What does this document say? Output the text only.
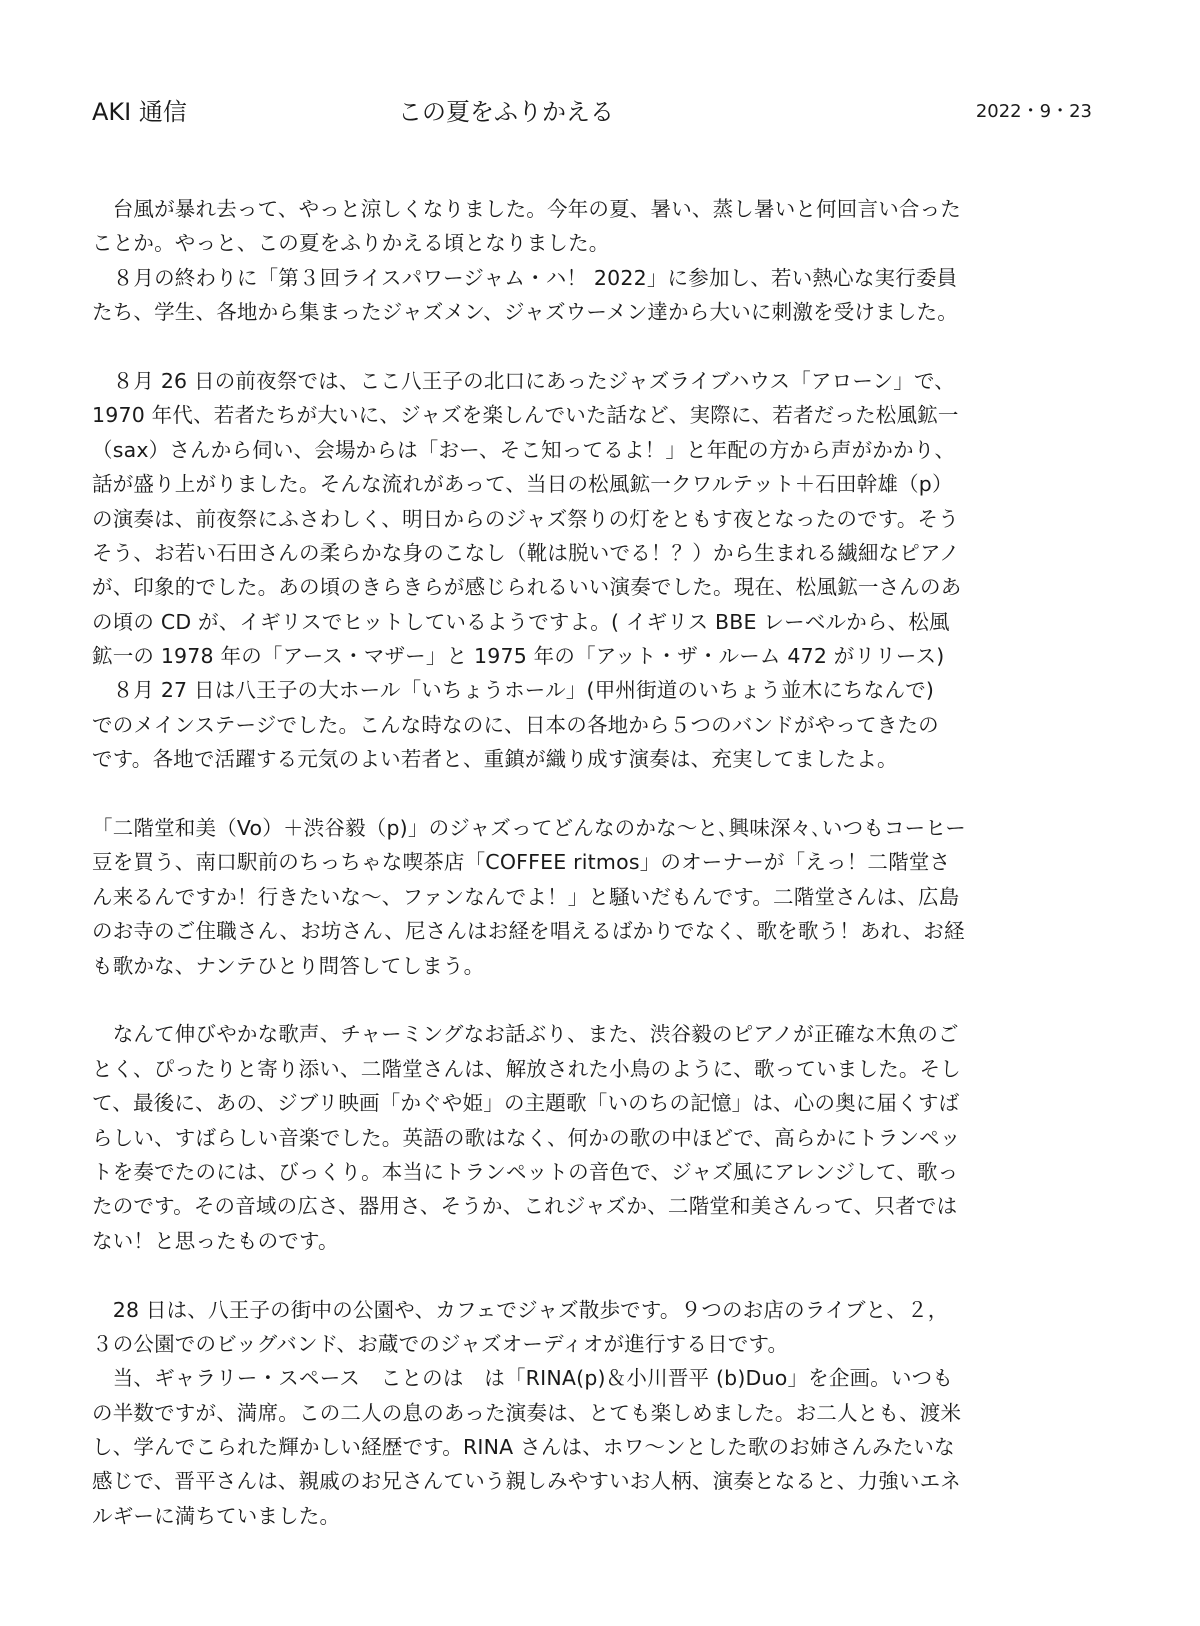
AKI 通信	この夏をふりかえる	2022・9・23
　台風が暴れ去って、やっと涼しくなりました。今年の夏、暑い、蒸し暑いと何回言い合った
ことか。やっと、この夏をふりかえる頃となりました。
　８月の終わりに「第３回ライスパワージャム・ハ！ 2022」に参加し、若い熱心な実行委員
たち、学生、各地から集まったジャズメン、ジャズウーメン達から大いに刺激を受けました。
　８月 26 日の前夜祭では、ここ八王子の北口にあったジャズライブハウス「アローン」で、
1970 年代、若者たちが大いに、ジャズを楽しんでいた話など、実際に、若者だった松風鉱一
（sax）さんから伺い、会場からは「おー、そこ知ってるよ！」と年配の方から声がかかり、
話が盛り上がりました。そんな流れがあって、当日の松風鉱一クワルテット＋石田幹雄（p）
の演奏は、前夜祭にふさわしく、明日からのジャズ祭りの灯をともす夜となったのです。そう
そう、お若い石田さんの柔らかな身のこなし（靴は脱いでる！？）から生まれる繊細なピアノ
が、印象的でした。あの頃のきらきらが感じられるいい演奏でした。現在、松風鉱一さんのあ
の頃の CD が、イギリスでヒットしているようですよ。( イギリス BBE レーベルから、松風
鉱一の 1978 年の「アース・マザー」と 1975 年の「アット・ザ・ルーム 472 がリリース)
　８月 27 日は八王子の大ホール「いちょうホール」(甲州街道のいちょう並木にちなんで)
でのメインステージでした。こんな時なのに、日本の各地から５つのバンドがやってきたの
です。各地で活躍する元気のよい若者と、重鎮が織り成す演奏は、充実してましたよ。
「二階堂和美（Vo）＋渋谷毅（p)」のジャズってどんなのかな〜と､興味深々､いつもコーヒー
豆を買う、南口駅前のちっちゃな喫茶店「COFFEE ritmos」のオーナーが「えっ！二階堂さ
ん来るんですか！行きたいな〜、ファンなんでよ！」と騒いだもんです。二階堂さんは、広島
のお寺のご住職さん、お坊さん、尼さんはお経を唱えるばかりでなく、歌を歌う！あれ、お経
も歌かな、ナンテひとり問答してしまう。
　なんて伸びやかな歌声、チャーミングなお話ぶり、また、渋谷毅のピアノが正確な木魚のご
とく、ぴったりと寄り添い、二階堂さんは、解放された小鳥のように、歌っていました。そし
て、最後に、あの、ジブリ映画「かぐや姫」の主題歌「いのちの記憶」は、心の奥に届くすば
らしい、すばらしい音楽でした。英語の歌はなく、何かの歌の中ほどで、高らかにトランペッ
トを奏でたのには、びっくり。本当にトランペットの音色で、ジャズ風にアレンジして、歌っ
たのです。その音域の広さ、器用さ、そうか、これジャズか、二階堂和美さんって、只者では
ない！と思ったものです。
　28 日は、八王子の街中の公園や、カフェでジャズ散歩です。９つのお店のライブと、２，
３の公園でのビッグバンド、お蔵でのジャズオーディオが進行する日です。
　当、ギャラリー・スペース　ことのは　は「RINA(p)＆小川晋平 (b)Duo」を企画。いつも
の半数ですが、満席。この二人の息のあった演奏は、とても楽しめました。お二人とも、渡米
し、学んでこられた輝かしい経歴です。RINA さんは、ホワ〜ンとした歌のお姉さんみたいな
感じで、晋平さんは、親戚のお兄さんていう親しみやすいお人柄、演奏となると、力強いエネ
ルギーに満ちていました。
